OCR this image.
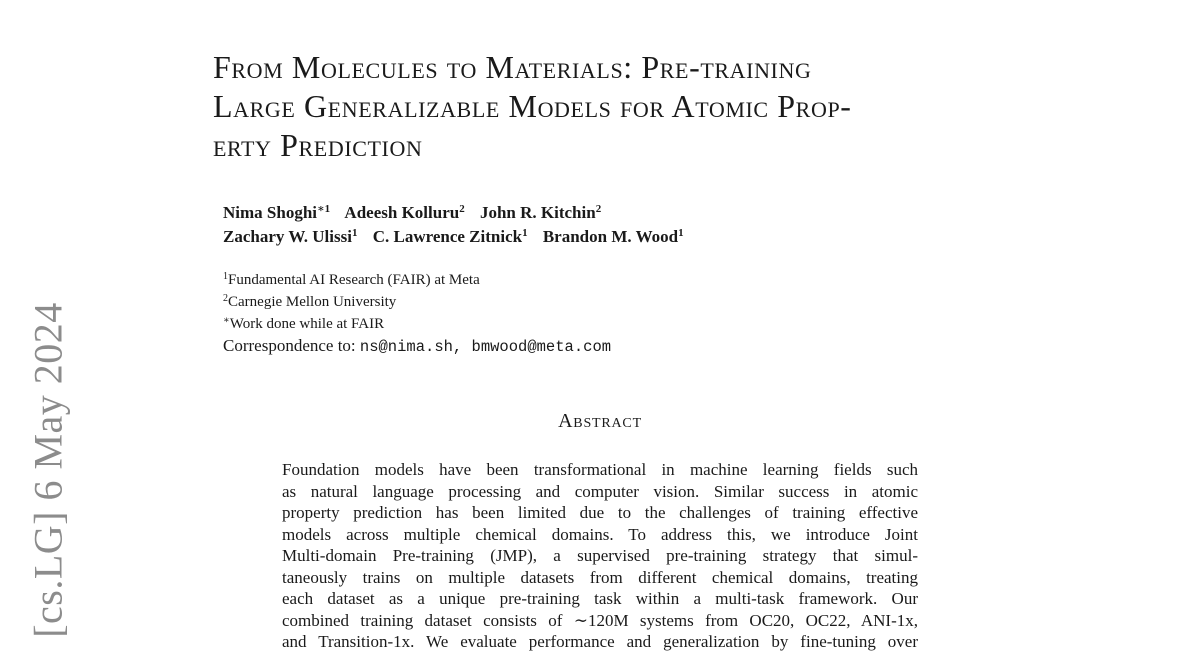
[cs.LG] 6 May 2024
From Molecules to Materials: Pre-training
Large Generalizable Models for Atomic Prop-
erty Prediction
Nima Shoghi$^{∗1}$ Adeesh Kolluru$^2$ John R. Kitchin$^2$
Zachary W. Ulissi$^1$ C. Lawrence Zitnick$^1$ Brandon M. Wood$^1$
$^1$Fundamental AI Research (FAIR) at Meta
$^2$Carnegie Mellon University
∗Work done while at FAIR
Correspondence to: ns@nima.sh, bmwood@meta.com
Abstract
Foundation models have been transformational in machine learning fields such
as natural language processing and computer vision. Similar success in atomic
property prediction has been limited due to the challenges of training effective
models across multiple chemical domains. To address this, we introduce Joint
Multi-domain Pre-training (JMP), a supervised pre-training strategy that simul-
taneously trains on multiple datasets from different chemical domains, treating
each dataset as a unique pre-training task within a multi-task framework. Our
combined training dataset consists of ∼120M systems from OC20, OC22, ANI-1x,
and Transition-1x. We evaluate performance and generalization by fine-tuning over
